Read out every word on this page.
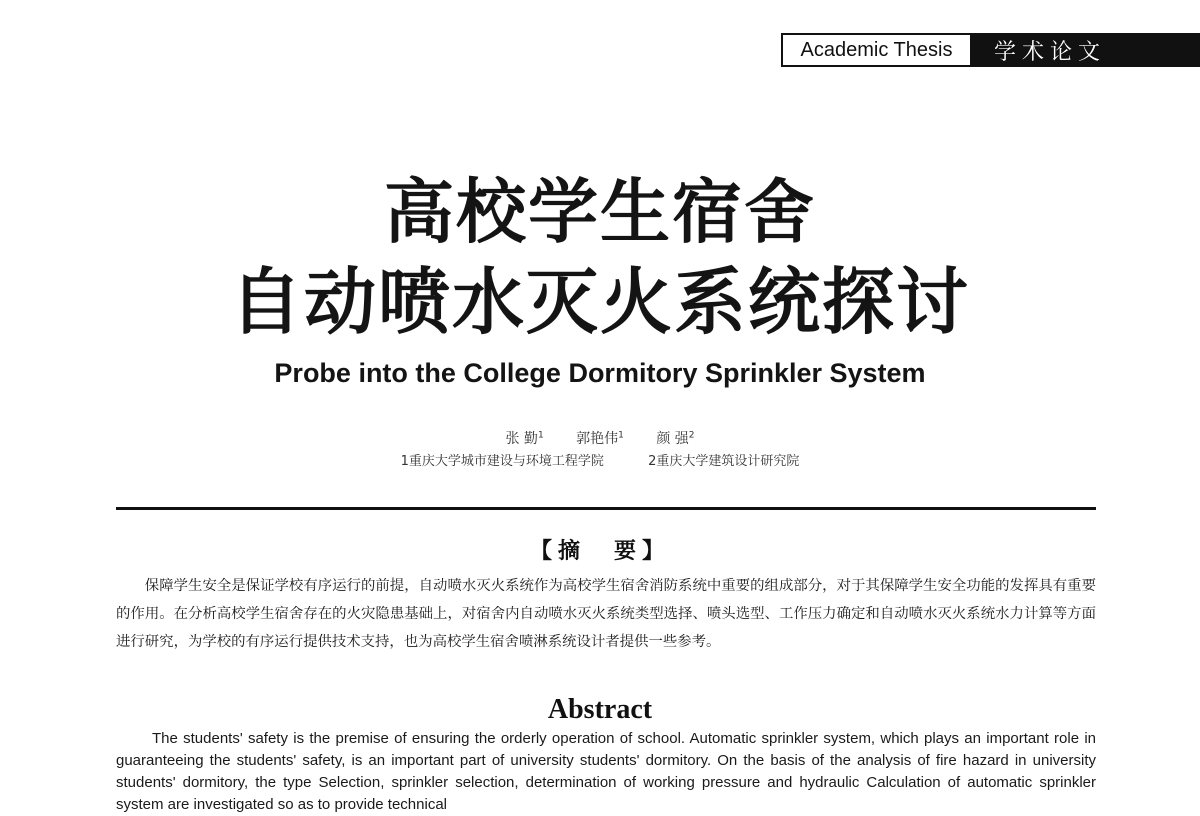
Academic Thesis	学术论文
高校学生宿舍
自动喷水灭火系统探讨
Probe into the College Dormitory Sprinkler System
张 勤$^1$ 郭艳伟$^1$ 颜 强$^2$
1重庆大学城市建设与环境工程学院	2重庆大学建筑设计研究院
【摘　要】

保障学生安全是保证学校有序运行的前提，自动喷水灭火系统作为高校学生宿舍消防系统中重要的组成部分，对于其保障学生安全功能的发挥具有重要的作用。在分析高校学生宿舍存在的火灾隐患基础上，对宿舍内自动喷水灭火系统类型选择、喷头选型、工作压力确定和自动喷水灭火系统水力计算等方面进行研究，为学校的有序运行提供技术支持，也为高校学生宿舍喷淋系统设计者提供一些参考。

Abstract

The students' safety is the premise of ensuring the orderly operation of school. Automatic sprinkler system, which plays an important role in guaranteeing the students' safety, is an important part of university students' dormitory. On the basis of the analysis of fire hazard in university students' dormitory, the type Selection, sprinkler selection, determination of working pressure and hydraulic Calculation of automatic sprinkler system are investigated so as to provide technical
